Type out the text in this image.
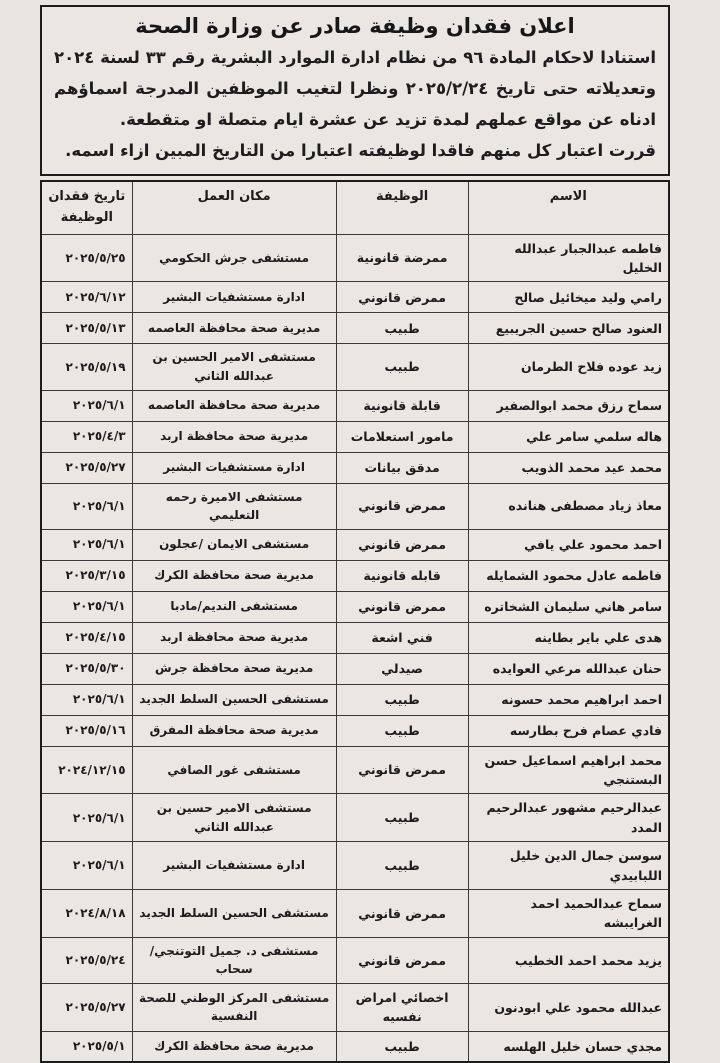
اعلان فقدان وظيفة صادر عن وزارة الصحة

استنادا لاحكام المادة ٩٦ من نظام ادارة الموارد البشرية رقم ٣٣ لسنة ٢٠٢٤ وتعديلاته حتى تاريخ ٢٠٢٥/٢/٢٤ ونظرا لتغيب الموظفين المدرجة اسماؤهم ادناه عن مواقع عملهم لمدة تزيد عن عشرة ايام متصلة او متقطعة.

قررت اعتبار كل منهم فاقدا لوظيفته اعتبارا من التاريخ المبين ازاء اسمه.

الاسم	الوظيفة	مكان العمل	تاريخ فقدان الوظيفة
فاطمه عبدالجبار عبدالله الخليل	ممرضة قانونية	مستشفى جرش الحكومي	٢٠٢٥/٥/٢٥
رامي وليد ميخائيل صالح	ممرض قانوني	ادارة مستشفيات البشير	٢٠٢٥/٦/١٢
العنود صالح حسين الجريبيع	طبيب	مديرية صحة محافظة العاصمه	٢٠٢٥/٥/١٣
زيد عوده فلاح الطرمان	طبيب	مستشفى الامير الحسين بن عبدالله الثاني	٢٠٢٥/٥/١٩
سماح رزق محمد ابوالصفير	قابلة قانونية	مديرية صحة محافظة العاصمه	٢٠٢٥/٦/١
هاله سلمي سامر علي	مامور استعلامات	مديرية صحة محافظة اربد	٢٠٢٥/٤/٣
محمد عيد محمد الذويب	مدقق بيانات	ادارة مستشفيات البشير	٢٠٢٥/٥/٢٧
معاذ زياد مصطفى هنانده	ممرض قانوني	مستشفى الاميرة رحمه التعليمي	٢٠٢٥/٦/١
احمد محمود علي يافي	ممرض قانوني	مستشفى الايمان /عجلون	٢٠٢٥/٦/١
فاطمه عادل محمود الشمايله	قابله قانونية	مديرية صحة محافظة الكرك	٢٠٢٥/٣/١٥
سامر هاني سليمان الشخاتره	ممرض قانوني	مستشفى النديم/مادبا	٢٠٢٥/٦/١
هدى علي باير بطاينه	فني اشعة	مديرية صحة محافظة اربد	٢٠٢٥/٤/١٥
حنان عبدالله مرعي العوايده	صيدلي	مديرية صحة محافظة جرش	٢٠٢٥/٥/٣٠
احمد ابراهيم محمد حسونه	طبيب	مستشفى الحسين السلط الجديد	٢٠٢٥/٦/١
فادي عصام فرح بطارسه	طبيب	مديرية صحة محافظة المفرق	٢٠٢٥/٥/١٦
محمد ابراهيم اسماعيل حسن البستنجي	ممرض قانوني	مستشفى غور الصافي	٢٠٢٤/١٢/١٥
عبدالرحيم مشهور عبدالرحيم المدد	طبيب	مستشفى الامير حسين بن عبدالله الثاني	٢٠٢٥/٦/١
سوسن جمال الدين خليل اللبابيدي	طبيب	ادارة مستشفيات البشير	٢٠٢٥/٦/١
سماح عبدالحميد احمد الغرايبشه	ممرض قانوني	مستشفى الحسين السلط الجديد	٢٠٢٤/٨/١٨
يزيد محمد احمد الخطيب	ممرض قانوني	مستشفى د. جميل التوتنجي/سحاب	٢٠٢٥/٥/٢٤
عبدالله محمود علي ابودنون	اخصائي امراض نفسيه	مستشفى المركز الوطني للصحة النفسية	٢٠٢٥/٥/٢٧
مجدي حسان خليل الهلسه	طبيب	مديرية صحة محافظة الكرك	٢٠٢٥/٥/١
